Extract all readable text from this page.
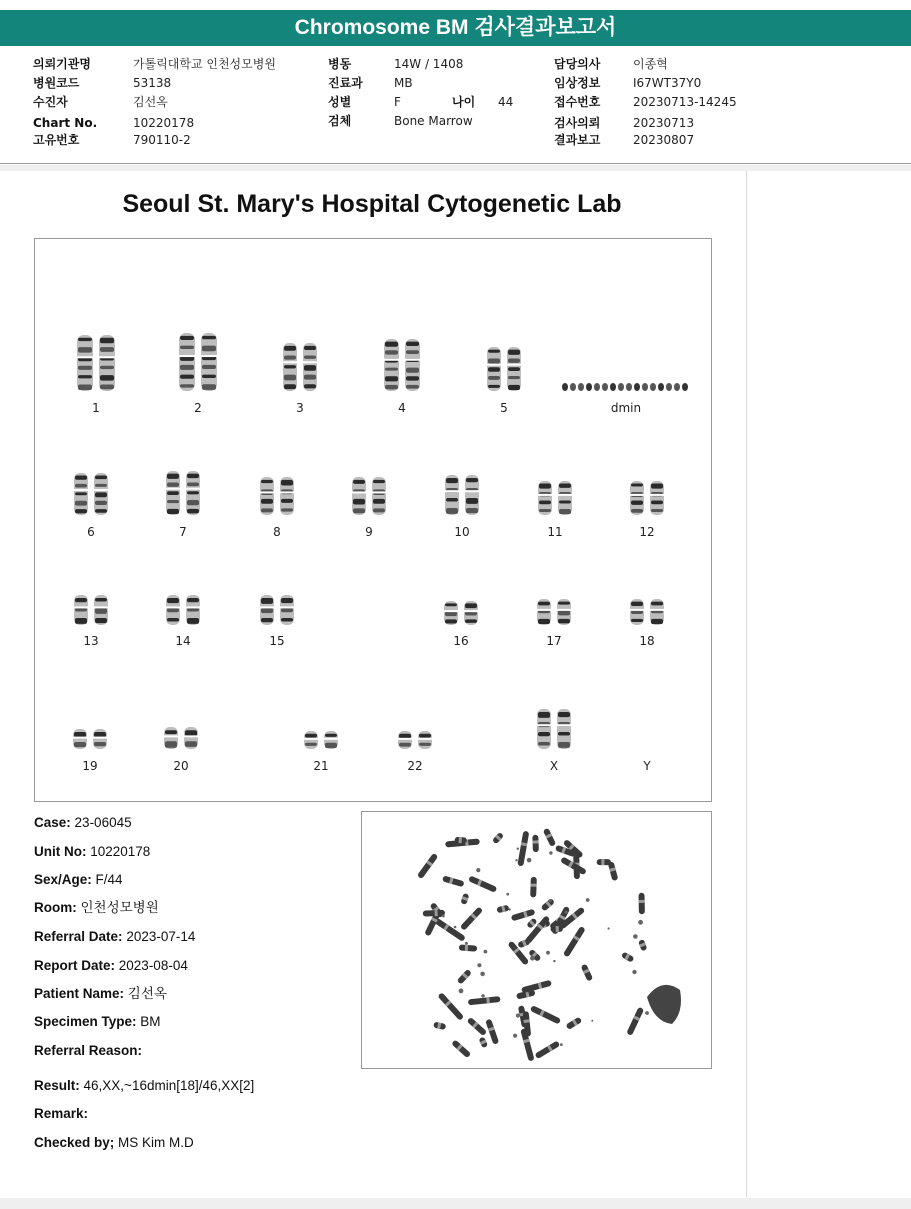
Chromosome BM 검사결과보고서
의뢰기관명	가톨릭대학교 인천성모병원
병원코드	53138
수진자	김선옥
Chart No.	10220178
고유번호	790110-2
병동	14W / 1408
진료과	MB
성별	F	나이 44
검체	Bone Marrow
담당의사	이종혁
임상정보	I67WT37Y0
접수번호	20230713-14245
검사의뢰	20230713
결과보고	20230807
Seoul St. Mary's Hospital Cytogenetic Lab
1	2	3	4	5	dmin
6	7	8	9	10	11	12
13	14	15	16	17	18
19	20	21	22	X	Y
Case: 23-06045
Unit No: 10220178
Sex/Age: F/44
Room: 인천성모병원
Referral Date: 2023-07-14
Report Date: 2023-08-04
Patient Name: 김선옥
Specimen Type: BM
Referral Reason:
Result: 46,XX,~16dmin[18]/46,XX[2]
Remark:
Checked by; MS Kim M.D
